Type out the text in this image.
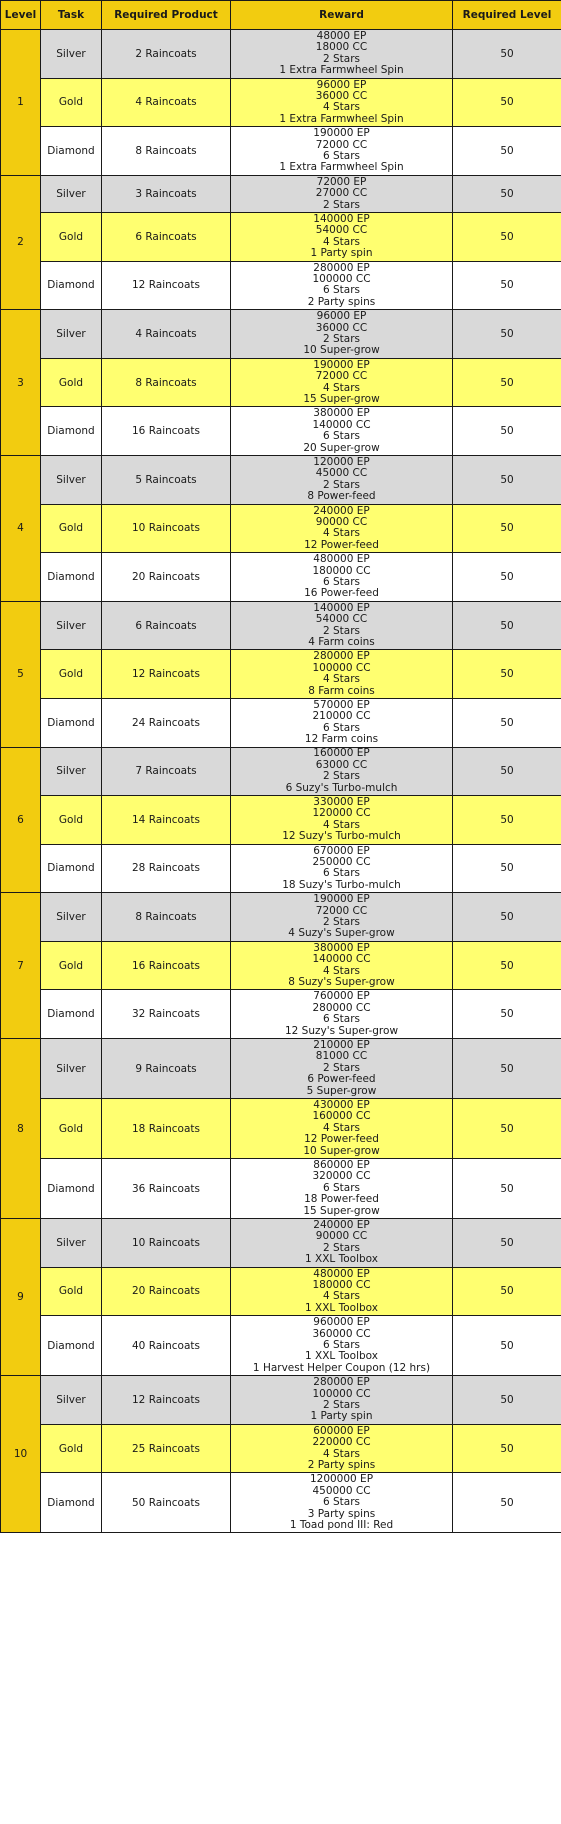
Level	Task	Required Product	Reward	Required Level
1	Silver	2 Raincoats	48000 EP
18000 CC
2 Stars
1 Extra Farmwheel Spin	50
	Gold	4 Raincoats	96000 EP
36000 CC
4 Stars
1 Extra Farmwheel Spin	50
	Diamond	8 Raincoats	190000 EP
72000 CC
6 Stars
1 Extra Farmwheel Spin	50
2	Silver	3 Raincoats	72000 EP
27000 CC
2 Stars	50
	Gold	6 Raincoats	140000 EP
54000 CC
4 Stars
1 Party spin	50
	Diamond	12 Raincoats	280000 EP
100000 CC
6 Stars
2 Party spins	50
3	Silver	4 Raincoats	96000 EP
36000 CC
2 Stars
10 Super-grow	50
	Gold	8 Raincoats	190000 EP
72000 CC
4 Stars
15 Super-grow	50
	Diamond	16 Raincoats	380000 EP
140000 CC
6 Stars
20 Super-grow	50
4	Silver	5 Raincoats	120000 EP
45000 CC
2 Stars
8 Power-feed	50
	Gold	10 Raincoats	240000 EP
90000 CC
4 Stars
12 Power-feed	50
	Diamond	20 Raincoats	480000 EP
180000 CC
6 Stars
16 Power-feed	50
5	Silver	6 Raincoats	140000 EP
54000 CC
2 Stars
4 Farm coins	50
	Gold	12 Raincoats	280000 EP
100000 CC
4 Stars
8 Farm coins	50
	Diamond	24 Raincoats	570000 EP
210000 CC
6 Stars
12 Farm coins	50
6	Silver	7 Raincoats	160000 EP
63000 CC
2 Stars
6 Suzy's Turbo-mulch	50
	Gold	14 Raincoats	330000 EP
120000 CC
4 Stars
12 Suzy's Turbo-mulch	50
	Diamond	28 Raincoats	670000 EP
250000 CC
6 Stars
18 Suzy's Turbo-mulch	50
7	Silver	8 Raincoats	190000 EP
72000 CC
2 Stars
4 Suzy's Super-grow	50
	Gold	16 Raincoats	380000 EP
140000 CC
4 Stars
8 Suzy's Super-grow	50
	Diamond	32 Raincoats	760000 EP
280000 CC
6 Stars
12 Suzy's Super-grow	50
8	Silver	9 Raincoats	210000 EP
81000 CC
2 Stars
6 Power-feed
5 Super-grow	50
	Gold	18 Raincoats	430000 EP
160000 CC
4 Stars
12 Power-feed
10 Super-grow	50
	Diamond	36 Raincoats	860000 EP
320000 CC
6 Stars
18 Power-feed
15 Super-grow	50
9	Silver	10 Raincoats	240000 EP
90000 CC
2 Stars
1 XXL Toolbox	50
	Gold	20 Raincoats	480000 EP
180000 CC
4 Stars
1 XXL Toolbox	50
	Diamond	40 Raincoats	960000 EP
360000 CC
6 Stars
1 XXL Toolbox
1 Harvest Helper Coupon (12 hrs)	50
10	Silver	12 Raincoats	280000 EP
100000 CC
2 Stars
1 Party spin	50
	Gold	25 Raincoats	600000 EP
220000 CC
4 Stars
2 Party spins	50
	Diamond	50 Raincoats	1200000 EP
450000 CC
6 Stars
3 Party spins
1 Toad pond III: Red	50
